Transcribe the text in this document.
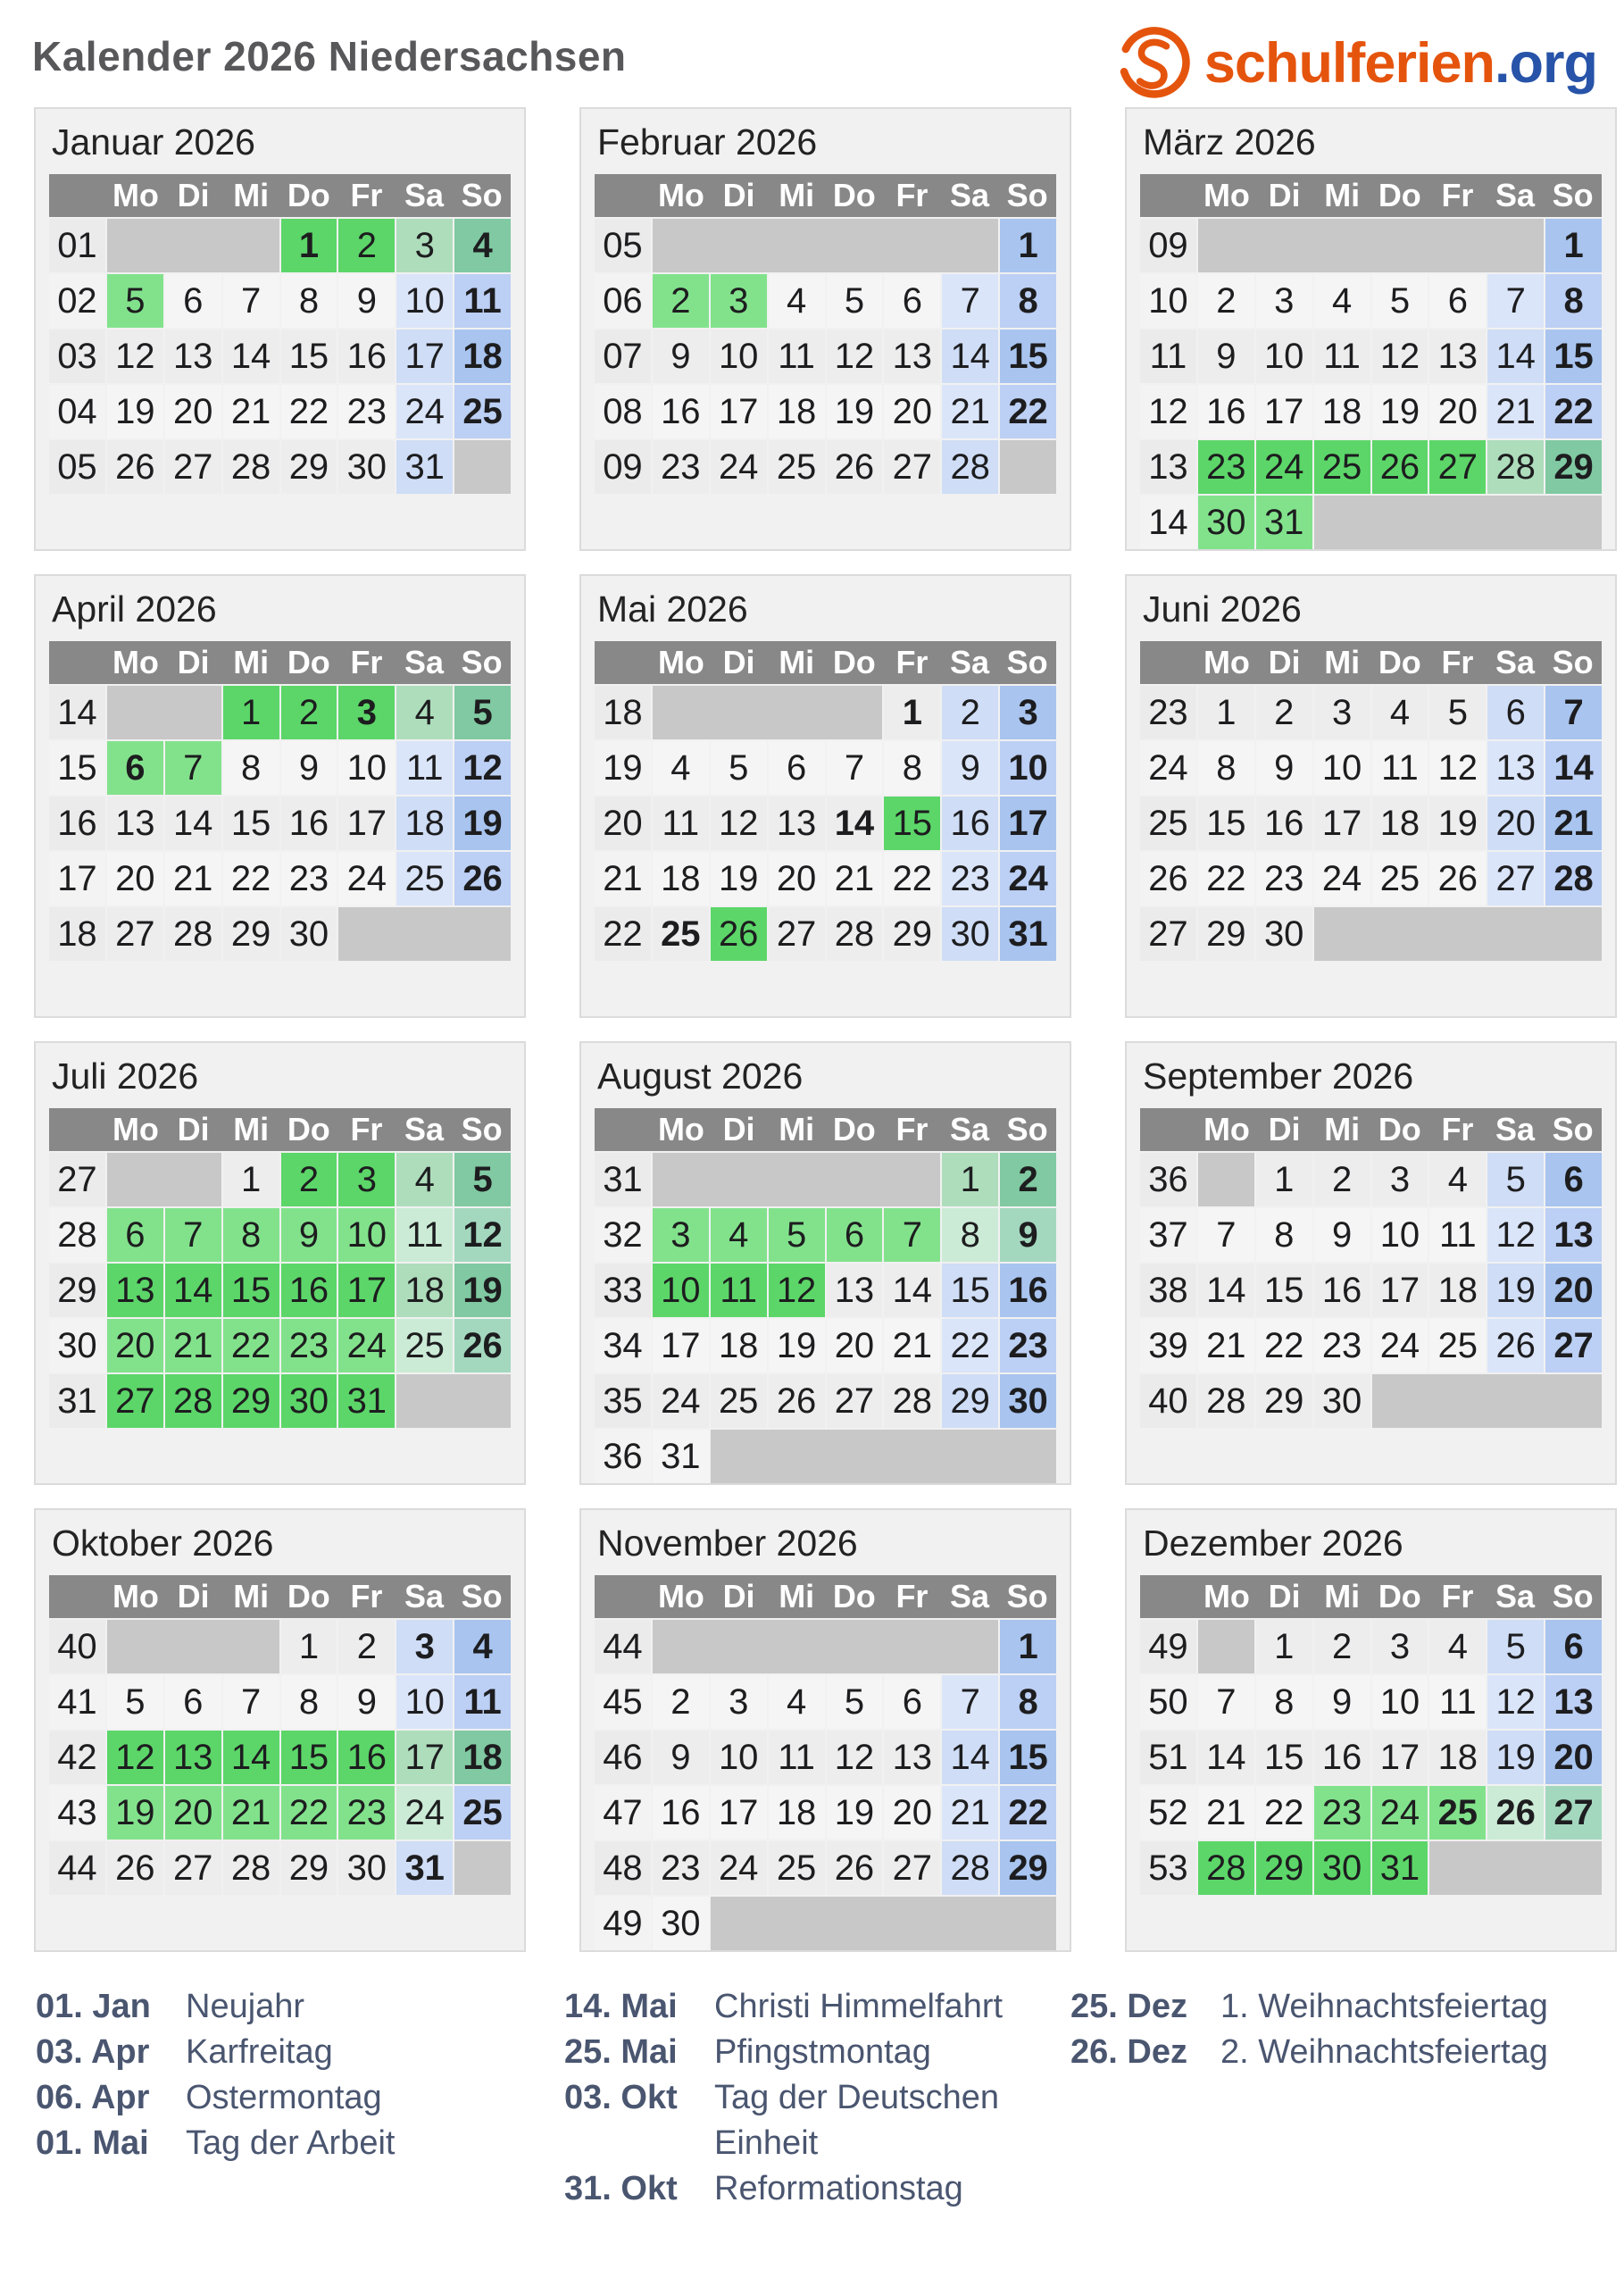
Kalender 2026 Niedersachsen	schulferien.org
Januar 2026
Mo Di Mi Do Fr Sa So

01				1	2	3	4
02	5	6	7	8	9	10	11
03	12	13	14	15	16	17	18
04	19	20	21	22	23	24	25
05	26	27	28	29	30	31	
Februar 2026
Mo Di Mi Do Fr Sa So

05							1
06	2	3	4	5	6	7	8
07	9	10	11	12	13	14	15
08	16	17	18	19	20	21	22
09	23	24	25	26	27	28	
März 2026
Mo Di Mi Do Fr Sa So

09							1
10	2	3	4	5	6	7	8
11	9	10	11	12	13	14	15
12	16	17	18	19	20	21	22
13	23	24	25	26	27	28	29
14	30	31					
April 2026
Mo Di Mi Do Fr Sa So

14			1	2	3	4	5
15	6	7	8	9	10	11	12
16	13	14	15	16	17	18	19
17	20	21	22	23	24	25	26
18	27	28	29	30			
Mai 2026
Mo Di Mi Do Fr Sa So

18					1	2	3
19	4	5	6	7	8	9	10
20	11	12	13	14	15	16	17
21	18	19	20	21	22	23	24
22	25	26	27	28	29	30	31
Juni 2026
Mo Di Mi Do Fr Sa So

23	1	2	3	4	5	6	7
24	8	9	10	11	12	13	14
25	15	16	17	18	19	20	21
26	22	23	24	25	26	27	28
27	29	30					
Juli 2026
Mo Di Mi Do Fr Sa So

27			1	2	3	4	5
28	6	7	8	9	10	11	12
29	13	14	15	16	17	18	19
30	20	21	22	23	24	25	26
31	27	28	29	30	31		
August 2026
Mo Di Mi Do Fr Sa So

31						1	2
32	3	4	5	6	7	8	9
33	10	11	12	13	14	15	16
34	17	18	19	20	21	22	23
35	24	25	26	27	28	29	30
36	31						
September 2026
Mo Di Mi Do Fr Sa So

36		1	2	3	4	5	6
37	7	8	9	10	11	12	13
38	14	15	16	17	18	19	20
39	21	22	23	24	25	26	27
40	28	29	30				
Oktober 2026
Mo Di Mi Do Fr Sa So

40				1	2	3	4
41	5	6	7	8	9	10	11
42	12	13	14	15	16	17	18
43	19	20	21	22	23	24	25
44	26	27	28	29	30	31	
November 2026
Mo Di Mi Do Fr Sa So

44							1
45	2	3	4	5	6	7	8
46	9	10	11	12	13	14	15
47	16	17	18	19	20	21	22
48	23	24	25	26	27	28	29
49	30						
Dezember 2026
Mo Di Mi Do Fr Sa So

49		1	2	3	4	5	6
50	7	8	9	10	11	12	13
51	14	15	16	17	18	19	20
52	21	22	23	24	25	26	27
53	28	29	30	31			
01. Jan	Neujahr
03. Apr	Karfreitag
06. Apr	Ostermontag
01. Mai	Tag der Arbeit
14. Mai	Christi Himmelfahrt
25. Mai	Pfingstmontag
03. Okt	Tag der Deutschen Einheit
31. Okt	Reformationstag
25. Dez 1. Weihnachtsfeiertag
26. Dez 2. Weihnachtsfeiertag
